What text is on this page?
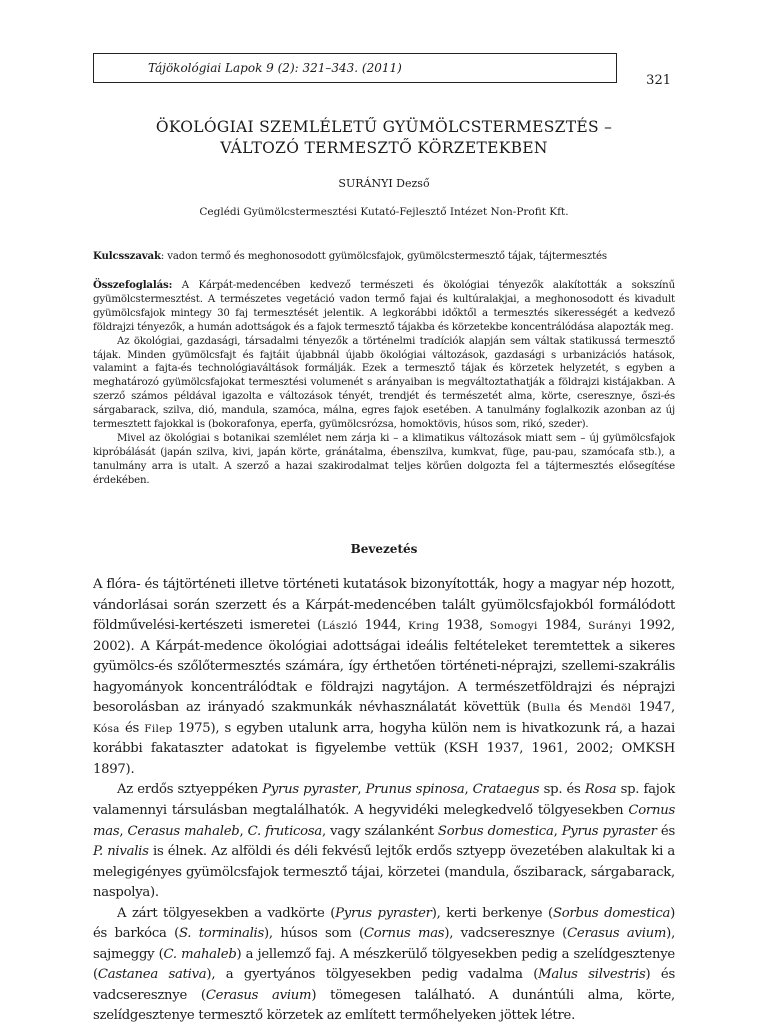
Tájökológiai Lapok 9 (2): 321–343. (2011)
321
ÖKOLÓGIAI SZEMLÉLETŰ GYÜMÖLCSTERMESZTÉS –
VÁLTOZÓ TERMESZTŐ KÖRZETEKBEN
SURÁNYI Dezső
Ceglédi Gyümölcstermesztési Kutató-Fejlesztő Intézet Non-Profit Kft.

Kulcsszavak: vadon termő és meghonosodott gyümölcsfajok, gyümölcstermesztő tájak, tájtermesztés

Összefoglalás: A Kárpát-medencében kedvező természeti és ökológiai tényezők alakították a sokszínű gyümölcstermesztést. A természetes vegetáció vadon termő fajai és kultúralakjai, a meghonosodott és kivadult gyümölcsfajok mintegy 30 faj termesztését jelentik. A legkorábbi időktől a termesztés sikerességét a kedvező földrajzi tényezők, a humán adottságok és a fajok termesztő tájakba és körzetekbe koncentrálódása alapozták meg.

Az ökológiai, gazdasági, társadalmi tényezők a történelmi tradíciók alapján sem váltak statikussá termesztő tájak. Minden gyümölcsfajt és fajtáit újabbnál újabb ökológiai változások, gazdasági s urbanizációs hatások, valamint a fajta-és technológiaváltások formálják. Ezek a termesztő tájak és körzetek helyzetét, s egyben a meghatározó gyümölcsfajokat termesztési volumenét s arányaiban is megváltoztathatják a földrajzi kistájakban. A szerző számos példával igazolta e változások tényét, trendjét és természetét alma, körte, cseresznye, őszi-és sárgabarack, szilva, dió, mandula, szamóca, málna, egres fajok esetében. A tanulmány foglalkozik azonban az új termesztett fajokkal is (bokorafonya, eperfa, gyümölcsrózsa, homoktövis, húsos som, rikó, szeder).

Mivel az ökológiai s botanikai szemlélet nem zárja ki – a klimatikus változások miatt sem – új gyümölcsfajok kipróbálását (japán szilva, kivi, japán körte, gránátalma, ébenszilva, kumkvat, füge, pau-pau, szamócafa stb.), a tanulmány arra is utalt. A szerző a hazai szakirodalmat teljes körűen dolgozta fel a tájtermesztés elősegítése érdekében.

Bevezetés

A flóra- és tájtörténeti illetve történeti kutatások bizonyították, hogy a magyar nép hozott, vándorlásai során szerzett és a Kárpát-medencében talált gyümölcsfajokból formálódott földművelési-kertészeti ismeretei (László 1944, Kring 1938, Somogyi 1984, Surányi 1992, 2002). A Kárpát-medence ökológiai adottságai ideális feltételeket teremtettek a sikeres gyümölcs-és szőlőtermesztés számára, így érthetően történeti-néprajzi, szellemi-szakrális hagyományok koncentrálódtak e földrajzi nagytájon. A természetföldrajzi és néprajzi besorolásban az irányadó szakmunkák névhasználatát követtük (Bulla és Mendöl 1947, Kósa és Filep 1975), s egyben utalunk arra, hogyha külön nem is hivatkozunk rá, a hazai korábbi fakataszter adatokat is figyelembe vettük (KSH 1937, 1961, 2002; OMKSH 1897).

Az erdős sztyeppéken Pyrus pyraster, Prunus spinosa, Crataegus sp. és Rosa sp. fajok valamennyi társulásban megtalálhatók. A hegyvidéki melegkedvelő tölgyesekben Cornus mas, Cerasus mahaleb, C. fruticosa, vagy szálanként Sorbus domestica, Pyrus pyraster és P. nivalis is élnek. Az alföldi és déli fekvésű lejtők erdős sztyepp övezetében alakultak ki a melegigényes gyümölcsfajok termesztő tájai, körzetei (mandula, őszibarack, sárgabarack, naspolya).

A zárt tölgyesekben a vadkörte (Pyrus pyraster), kerti berkenye (Sorbus domestica) és barkóca (S. torminalis), húsos som (Cornus mas), vadcseresznye (Cerasus avium), sajmeggy (C. mahaleb) a jellemző faj. A mészkerülő tölgyesekben pedig a szelídgesztenye (Castanea sativa), a gyertyános tölgyesekben pedig vadalma (Malus silvestris) és vadcseresznye (Cerasus avium) tömegesen található. A dunántúli alma, körte, szelídgesztenye termesztő körzetek az említett termőhelyeken jöttek létre.
